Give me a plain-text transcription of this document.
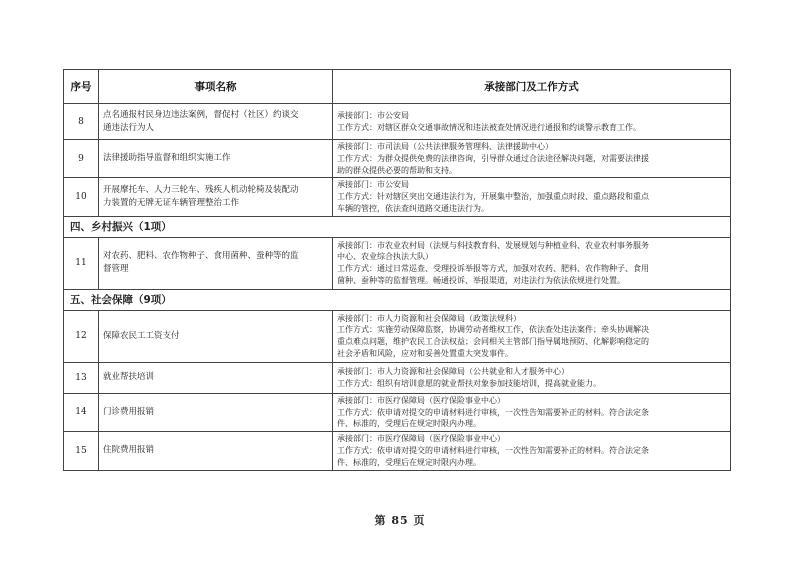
序号	事项名称	承接部门及工作方式
8	点名通报村民身边违法案例，督促村（社区）约谈交
通违法行为人	承接部门：市公安局
工作方式：对辖区群众交通事故情况和违法被查处情况进行通报和约谈警示教育工作。

9	法律援助指导监督和组织实施工作	承接部门：市司法局（公共法律服务管理科、法律援助中心）
工作方式：为群众提供免费的法律咨询，引导群众通过合法途径解决问题，对需要法律援
助的群众提供必要的帮助和支持。

10	开展摩托车、人力三轮车、残疾人机动轮椅及装配动
力装置的无牌无证车辆管理整治工作	承接部门：市公安局
工作方式：针对辖区突出交通违法行为，开展集中整治，加强重点时段、重点路段和重点
车辆的管控，依法查纠道路交通违法行为。

四、乡村振兴（1项）		
11	对农药、肥料、农作物种子、食用菌种、蚕种等的监
督管理	承接部门：市农业农村局（法规与科技教育科、发展规划与种植业科、农业农村事务服务
中心、农业综合执法大队）
工作方式：通过日常巡查、受理投诉举报等方式，加强对农药、肥料、农作物种子、食用
菌种、蚕种等的监督管理。畅通投诉、举报渠道，对违法行为依法依规进行处置。

五、社会保障（9项）		
12	保障农民工工资支付	承接部门：市人力资源和社会保障局（政策法规科）
工作方式：实施劳动保障监察，协调劳动者维权工作，依法查处违法案件；牵头协调解决
重点难点问题，维护农民工合法权益；会同相关主管部门指导属地预防、化解影响稳定的
社会矛盾和风险，应对和妥善处置重大突发事件。

13	就业帮扶培训	承接部门：市人力资源和社会保障局（公共就业和人才服务中心）
工作方式：组织有培训意愿的就业帮扶对象参加技能培训，提高就业能力。

14	门诊费用报销	承接部门：市医疗保障局（医疗保险事业中心）
工作方式：依申请对提交的申请材料进行审核，一次性告知需要补正的材料。符合法定条
件、标准的，受理后在规定时限内办理。

15	住院费用报销	承接部门：市医疗保障局（医疗保险事业中心）
工作方式：依申请对提交的申请材料进行审核，一次性告知需要补正的材料。符合法定条
件、标准的，受理后在规定时限内办理。
第 85 页
